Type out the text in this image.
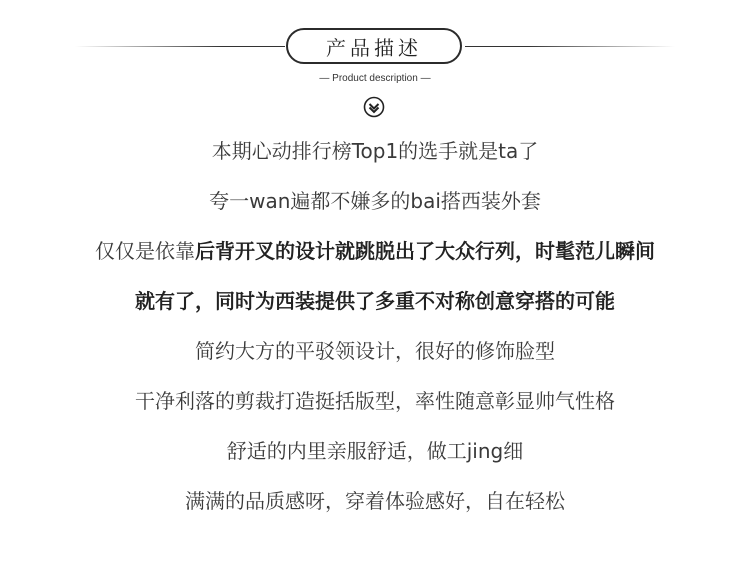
产品描述
— Product description —
本期心动排行榜Top1的选手就是ta了
夸一wan遍都不嫌多的bai搭西装外套
仅仅是依靠后背开叉的设计就跳脱出了大众行列，时髦范儿瞬间
就有了，同时为西装提供了多重不对称创意穿搭的可能
简约大方的平驳领设计，很好的修饰脸型
干净利落的剪裁打造挺括版型，率性随意彰显帅气性格
舒适的内里亲服舒适，做工jing细
满满的品质感呀，穿着体验感好，自在轻松
